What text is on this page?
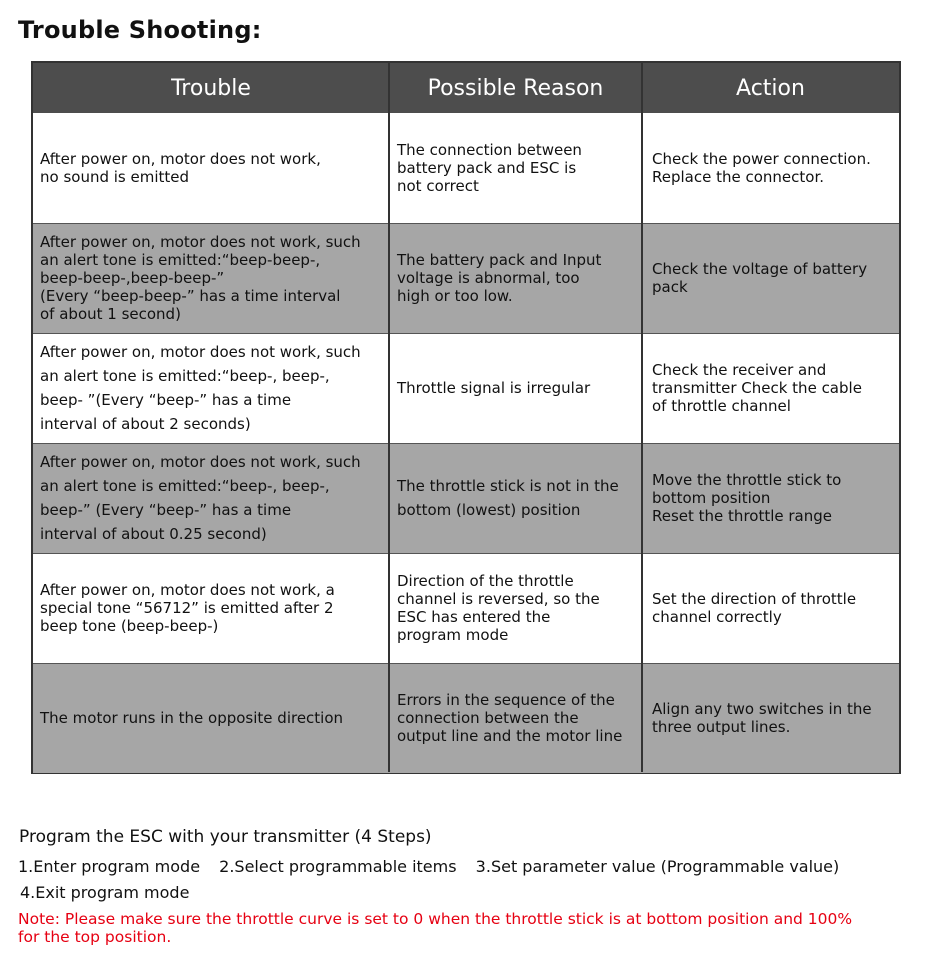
Trouble Shooting:
Trouble	Possible Reason	Action
After power on, motor does not work,
no sound is emitted
The connection between
battery pack and ESC is
not correct
Check the power connection.
Replace the connector.
After power on, motor does not work, such
an alert tone is emitted:“beep-beep-,
beep-beep-,beep-beep-”
(Every “beep-beep-” has a time interval
of about 1 second)
The battery pack and Input
voltage is abnormal, too
high or too low.
Check the voltage of battery
pack
After power on, motor does not work, such
an alert tone is emitted:“beep-, beep-,
beep- ”(Every “beep-” has a time
interval of about 2 seconds)
Throttle signal is irregular
Check the receiver and
transmitter Check the cable
of throttle channel
After power on, motor does not work, such
an alert tone is emitted:“beep-, beep-,
beep-” (Every “beep-” has a time
interval of about 0.25 second)
The throttle stick is not in the
bottom (lowest) position
Move the throttle stick to
bottom position
Reset the throttle range
After power on, motor does not work, a
special tone “56712” is emitted after 2
beep tone (beep-beep-)
Direction of the throttle
channel is reversed, so the
ESC has entered the
program mode
Set the direction of throttle
channel correctly
The motor runs in the opposite direction
Errors in the sequence of the
connection between the
output line and the motor line
Align any two switches in the
three output lines.
Program the ESC with your transmitter (4 Steps)
1.Enter program mode 2.Select programmable items 3.Set parameter value (Programmable value)
4.Exit program mode
Note: Please make sure the throttle curve is set to 0 when the throttle stick is at bottom position and 100% for the top position.
